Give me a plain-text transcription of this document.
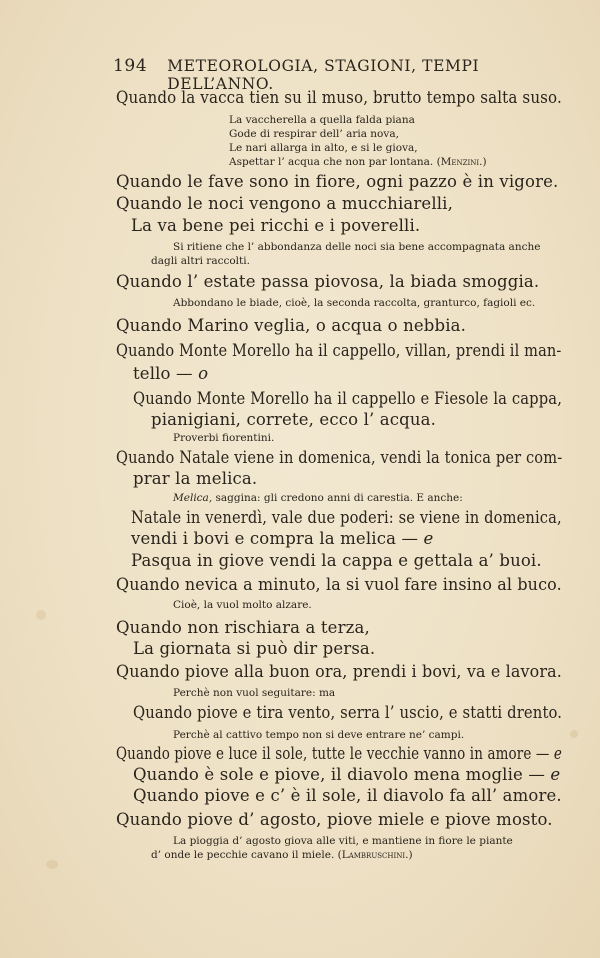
194 METEOROLOGIA, STAGIONI, TEMPI DELL’ANNO.
Quando la vacca tien su il muso, brutto tempo salta suso.
La vaccherella a quella falda piana
Gode di respirar dell’ aria nova,
Le nari allarga in alto, e si le giova,
Aspettar l’ acqua che non par lontana. (Menzini.)
Quando le fave sono in fiore, ogni pazzo è in vigore.
Quando le noci vengono a mucchiarelli,
La va bene pei ricchi e i poverelli.
Si ritiene che l’ abbondanza delle noci sia bene accompagnata anche
dagli altri raccolti.
Quando l’ estate passa piovosa, la biada smoggia.
Abbondano le biade, cioè, la seconda raccolta, granturco, fagioli ec.
Quando Marino veglia, o acqua o nebbia.
Quando Monte Morello ha il cappello, villan, prendi il man-
tello — o
Quando Monte Morello ha il cappello e Fiesole la cappa,
pianigiani, correte, ecco l’ acqua.
Proverbi fiorentini.
Quando Natale viene in domenica, vendi la tonica per com-
prar la melica.
Melica, saggina: gli credono anni di carestia. E anche:
Natale in venerdì, vale due poderi: se viene in domenica,
vendi i bovi e compra la melica — e
Pasqua in giove vendi la cappa e gettala a’ buoi.
Quando nevica a minuto, la si vuol fare insino al buco.
Cioè, la vuol molto alzare.
Quando non rischiara a terza,
La giornata si può dir persa.
Quando piove alla buon ora, prendi i bovi, va e lavora.
Perchè non vuol seguitare: ma
Quando piove e tira vento, serra l’ uscio, e statti drento.
Perchè al cattivo tempo non si deve entrare ne’ campi.
Quando piove e luce il sole, tutte le vecchie vanno in amore — e
Quando è sole e piove, il diavolo mena moglie — e
Quando piove e c’ è il sole, il diavolo fa all’ amore.
Quando piove d’ agosto, piove miele e piove mosto.
La pioggia d’ agosto giova alle viti, e mantiene in fiore le piante
d’ onde le pecchie cavano il miele. (Lambruschini.)
